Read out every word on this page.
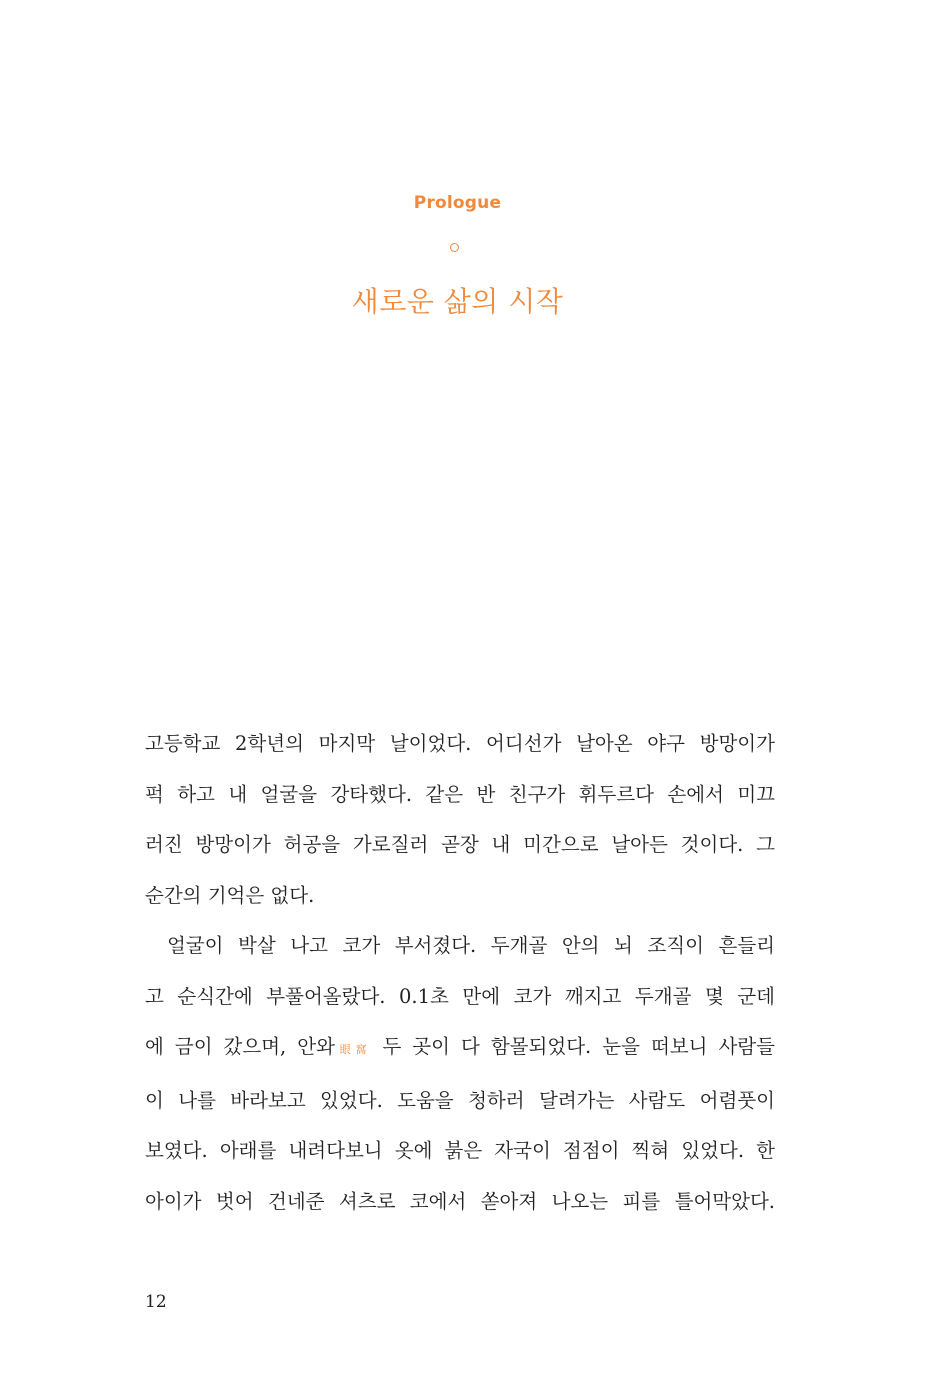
Prologue
새로운 삶의 시작
고등학교 2학년의 마지막 날이었다. 어디선가 날아온 야구 방망이가
퍽 하고 내 얼굴을 강타했다. 같은 반 친구가 휘두르다 손에서 미끄
러진 방망이가 허공을 가로질러 곧장 내 미간으로 날아든 것이다. 그
순간의 기억은 없다.
얼굴이 박살 나고 코가 부서졌다. 두개골 안의 뇌 조직이 흔들리
고 순식간에 부풀어올랐다. 0.1초 만에 코가 깨지고 두개골 몇 군데
에 금이 갔으며, 안와眼窩 두 곳이 다 함몰되었다. 눈을 떠보니 사람들
이 나를 바라보고 있었다. 도움을 청하러 달려가는 사람도 어렴풋이
보였다. 아래를 내려다보니 옷에 붉은 자국이 점점이 찍혀 있었다. 한
아이가 벗어 건네준 셔츠로 코에서 쏟아져 나오는 피를 틀어막았다.
12
